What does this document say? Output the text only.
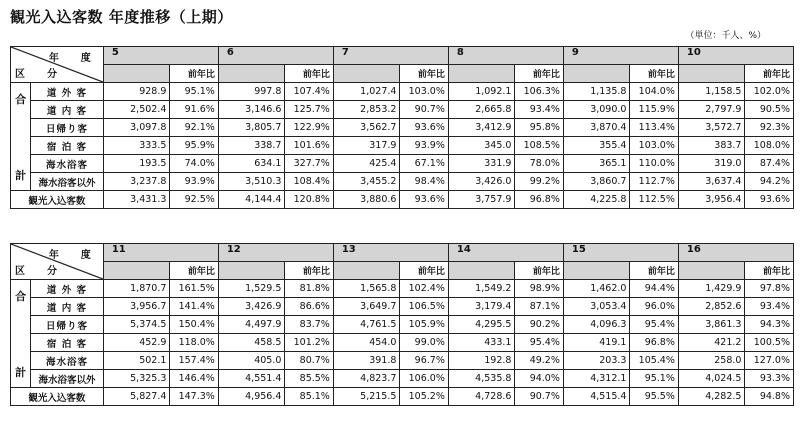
観光入込客数 年度推移（上期）
（単位：千人、%）
年　度
区　分		5		6		7		8		9		10	
			前年比		前年比		前年比		前年比		前年比		前年比

合
計	道 外 客	928.9	95.1%	997.8	107.4%	1,027.4	103.0%	1,092.1	106.3%	1,135.8	104.0%	1,158.5	102.0%
	道 内 客	2,502.4	91.6%	3,146.6	125.7%	2,853.2	90.7%	2,665.8	93.4%	3,090.0	115.9%	2,797.9	90.5%
	日帰り客	3,097.8	92.1%	3,805.7	122.9%	3,562.7	93.6%	3,412.9	95.8%	3,870.4	113.4%	3,572.7	92.3%
	宿 泊 客	333.5	95.9%	338.7	101.6%	317.9	93.9%	345.0	108.5%	355.4	103.0%	383.7	108.0%
	海水浴客	193.5	74.0%	634.1	327.7%	425.4	67.1%	331.9	78.0%	365.1	110.0%	319.0	87.4%
	海水浴客以外	3,237.8	93.9%	3,510.3	108.4%	3,455.2	98.4%	3,426.0	99.2%	3,860.7	112.7%	3,637.4	94.2%
観光入込客数		3,431.3	92.5%	4,144.4	120.8%	3,880.6	93.6%	3,757.9	96.8%	4,225.8	112.5%	3,956.4	93.6%
年　度
区　分		11		12		13		14		15		16	
			前年比		前年比		前年比		前年比		前年比		前年比

合
計	道 外 客	1,870.7	161.5%	1,529.5	81.8%	1,565.8	102.4%	1,549.2	98.9%	1,462.0	94.4%	1,429.9	97.8%
	道 内 客	3,956.7	141.4%	3,426.9	86.6%	3,649.7	106.5%	3,179.4	87.1%	3,053.4	96.0%	2,852.6	93.4%
	日帰り客	5,374.5	150.4%	4,497.9	83.7%	4,761.5	105.9%	4,295.5	90.2%	4,096.3	95.4%	3,861.3	94.3%
	宿 泊 客	452.9	118.0%	458.5	101.2%	454.0	99.0%	433.1	95.4%	419.1	96.8%	421.2	100.5%
	海水浴客	502.1	157.4%	405.0	80.7%	391.8	96.7%	192.8	49.2%	203.3	105.4%	258.0	127.0%
	海水浴客以外	5,325.3	146.4%	4,551.4	85.5%	4,823.7	106.0%	4,535.8	94.0%	4,312.1	95.1%	4,024.5	93.3%
観光入込客数		5,827.4	147.3%	4,956.4	85.1%	5,215.5	105.2%	4,728.6	90.7%	4,515.4	95.5%	4,282.5	94.8%
